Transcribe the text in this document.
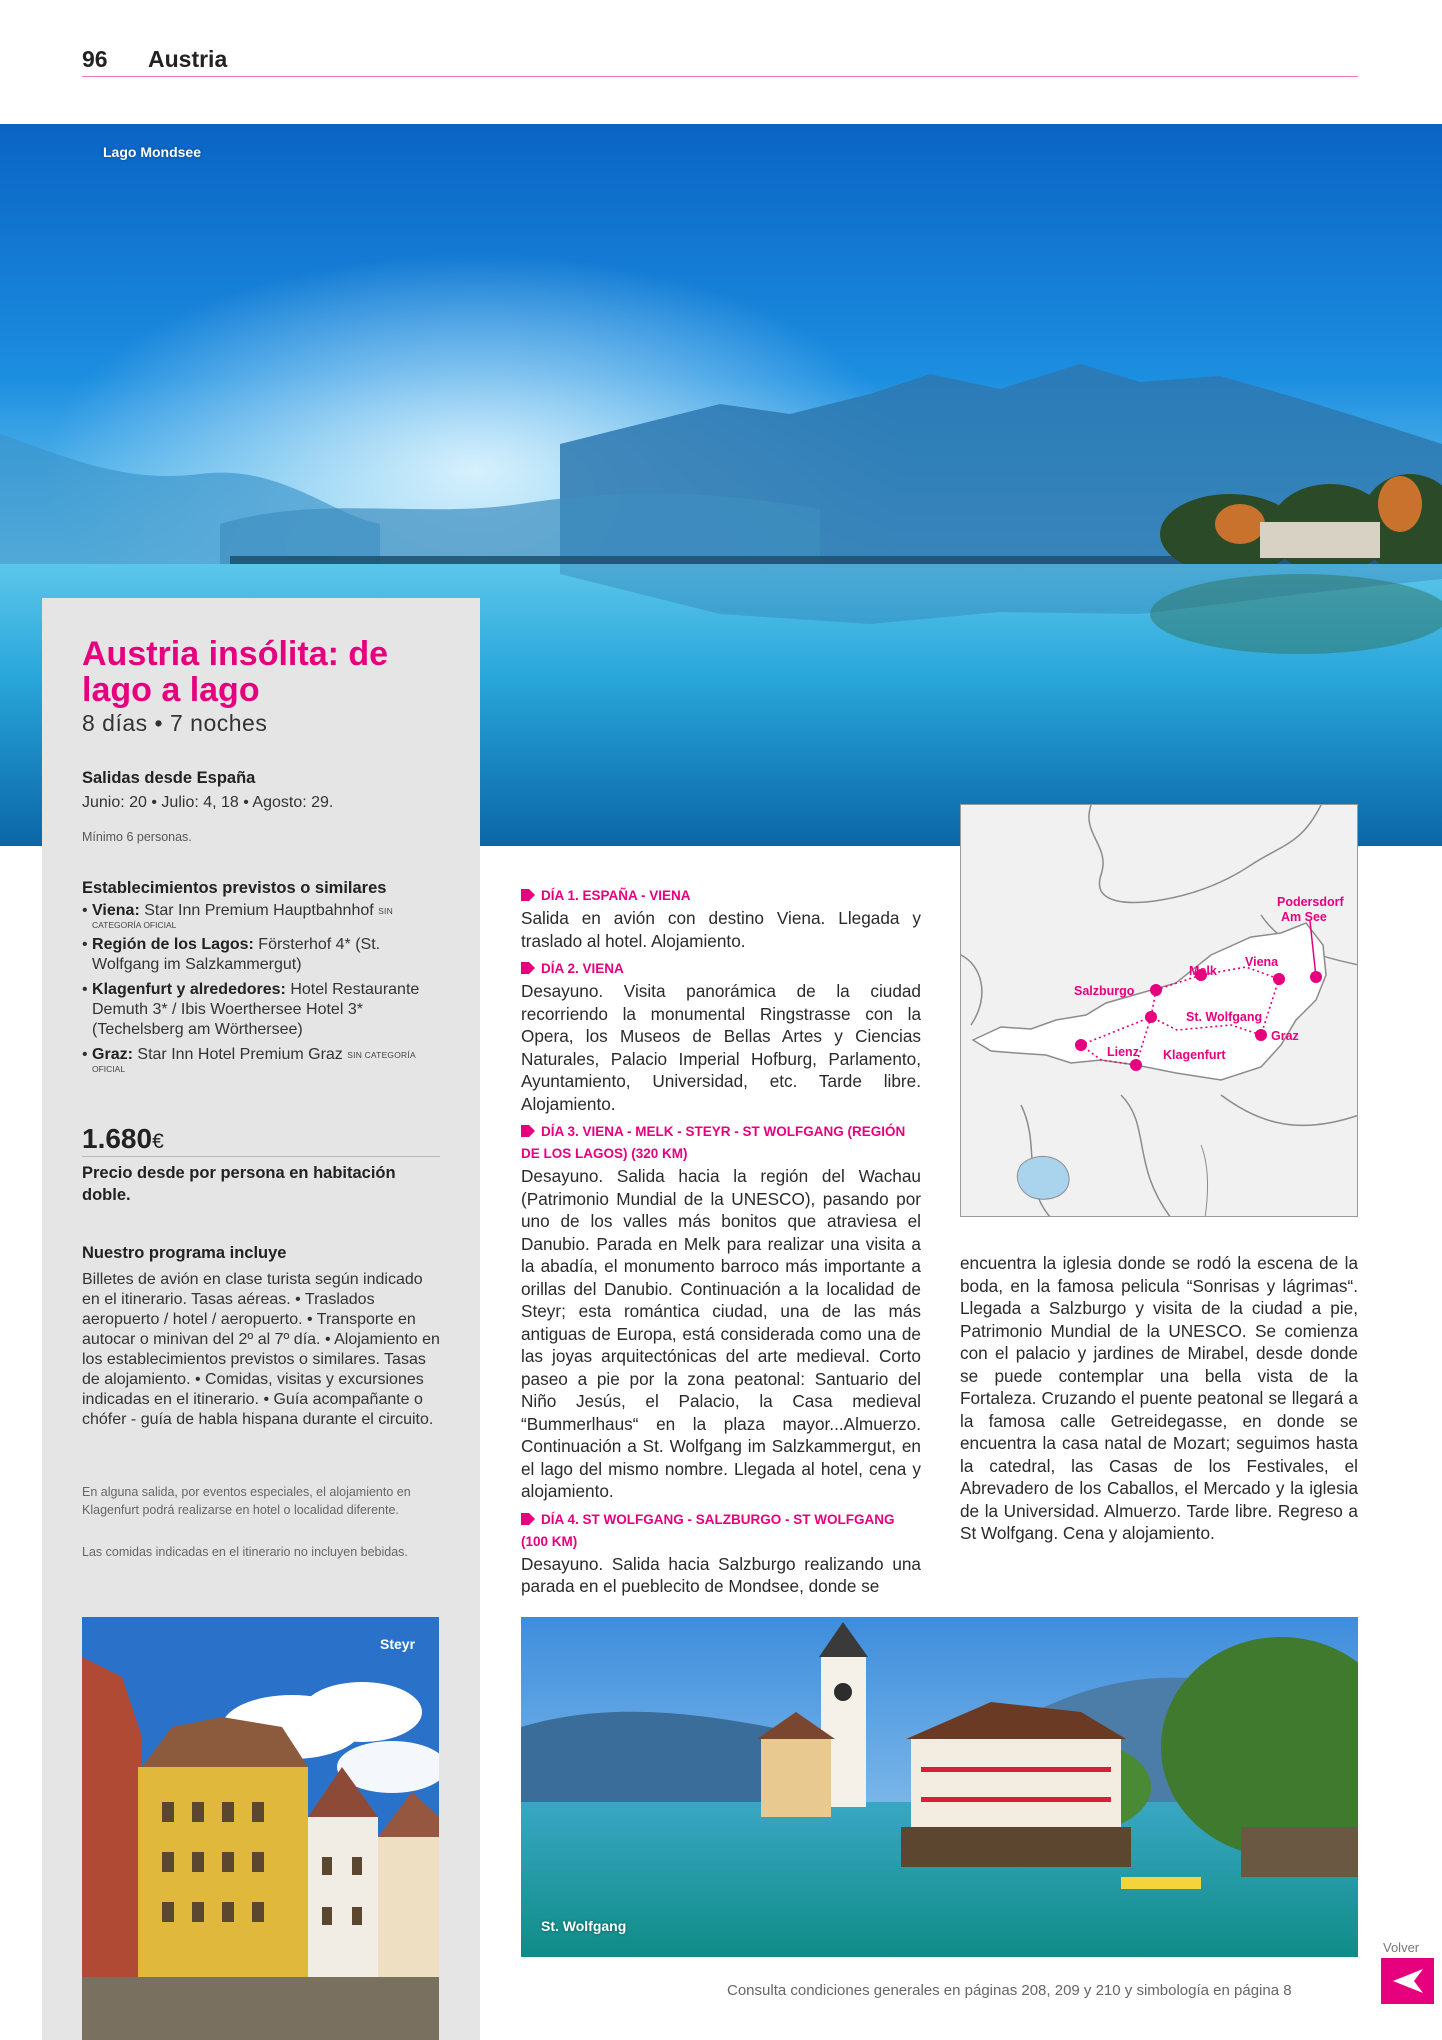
96 Austria
Lago Mondsee
Austria insólita: de lago a lago
8 días • 7 noches
Salidas desde España
Junio: 20 • Julio: 4, 18 • Agosto: 29.
Mínimo 6 personas.
Establecimientos previstos o similares
• Viena: Star Inn Premium Hauptbahnhof $^{SIN}$
CATEGORÍA OFICIAL
• Región de los Lagos: Försterhof 4* (St. Wolfgang im Salzkammergut)
• Klagenfurt y alrededores: Hotel Restaurante Demuth 3* / Ibis Woerthersee Hotel 3* (Techelsberg am Wörthersee)
• Graz: Star Inn Hotel Premium Graz $^{SIN CATEGORÍA}$
OFICIAL
1.680€
Precio desde por persona en habitación doble.
Nuestro programa incluye
Billetes de avión en clase turista según indicado en el itinerario. Tasas aéreas. • Traslados aeropuerto / hotel / aeropuerto. • Transporte en autocar o minivan del 2º al 7º día. • Alojamiento en los establecimientos previstos o similares. Tasas de alojamiento. • Comidas, visitas y excursiones indicadas en el itinerario. • Guía acompañante o chófer - guía de habla hispana durante el circuito.
En alguna salida, por eventos especiales, el alojamiento en Klagenfurt podrá realizarse en hotel o localidad diferente.
Las comidas indicadas en el itinerario no incluyen bebidas.
DÍA 1. ESPAÑA - VIENA
Salida en avión con destino Viena. Llegada y traslado al hotel. Alojamiento.
DÍA 2. VIENA
Desayuno. Visita panorámica de la ciudad recorriendo la monumental Ringstrasse con la Opera, los Museos de Bellas Artes y Ciencias Naturales, Palacio Imperial Hofburg, Parlamento, Ayuntamiento, Universidad, etc. Tarde libre. Alojamiento.
DÍA 3. VIENA - MELK - STEYR - ST WOLFGANG (REGIÓN DE LOS LAGOS) (320 KM)
Desayuno. Salida hacia la región del Wachau (Patrimonio Mundial de la UNESCO), pasando por uno de los valles más bonitos que atraviesa el Danubio. Parada en Melk para realizar una visita a la abadía, el monumento barroco más importante a orillas del Danubio. Continuación a la localidad de Steyr; esta romántica ciudad, una de las más antiguas de Europa, está considerada como una de las joyas arquitectónicas del arte medieval. Corto paseo a pie por la zona peatonal: Santuario del Niño Jesús, el Palacio, la Casa medieval “Bummerlhaus“ en la plaza mayor...Almuerzo. Continuación a St. Wolfgang im Salzkammergut, en el lago del mismo nombre. Llegada al hotel, cena y alojamiento.
DÍA 4. ST WOLFGANG - SALZBURGO - ST WOLFGANG (100 KM)
Desayuno. Salida hacia Salzburgo realizando una parada en el pueblecito de Mondsee, donde se
Salzburgo
Lienz Klagenfurt
St. Wolfgang
Melk
Viena
Graz
Podersdorf
Am See
encuentra la iglesia donde se rodó la escena de la boda, en la famosa pelicula “Sonrisas y lágrimas“. Llegada a Salzburgo y visita de la ciudad a pie, Patrimonio Mundial de la UNESCO. Se comienza con el palacio y jardines de Mirabel, desde donde se puede contemplar una bella vista de la Fortaleza. Cruzando el puente peatonal se llegará a la famosa calle Getreidegasse, en donde se encuentra la casa natal de Mozart; seguimos hasta la catedral, las Casas de los Festivales, el Abrevadero de los Caballos, el Mercado y la iglesia de la Universidad. Almuerzo. Tarde libre. Regreso a St Wolfgang. Cena y alojamiento.
Steyr
St. Wolfgang
Consulta condiciones generales en páginas 208, 209 y 210 y simbología en página 8
Volver
